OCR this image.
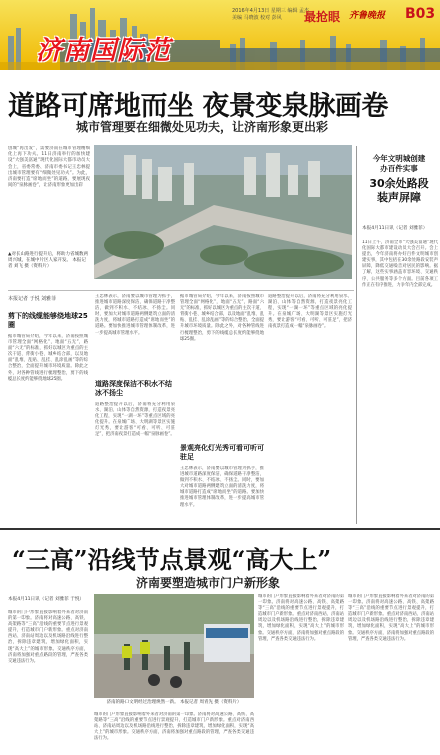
济南国际范
2016年4月13日 星期三 编辑 孟杰 美编 马晓波 校对 彭风	最抢眼 齐鲁晚报 B03
道路可席地而坐 夜景变泉脉画卷
城市管理要在细微处见功夫，让济南形象更出彩
创城“再出发”，需要济南在城市管理精细化上再下功夫。11日济南举行的加快建设“大强美富通”现代化国际大都市动员大会上，省委常委、济南市委书记王忠林提出城市管理要有“细微处见功夫”。为此，济南要打造“席地而坐”的道路，要展现夜间的“泉脉画卷”，让济南形象更加出彩
▲对长山路进行提升后，将助力省城数两周兴城，在城中片区人家开发。 本报记者 刘飞 摄（资料片）
本报记者 于悦 刘雅菲
剪下的线缆能够绕地球25圈
据市城管局介绍，今年以来，济南按照城市管理全面“网格化”，地面“五无”，路面“六无”的标准，抓好以城区为重点的主次干道、背街小巷、城乡结合部，以及地面“乱堆、乱贴、乱挂、乱涂乱画”等的综合整治，全面提升城市环境质量。除此之外，对各种管线进行梳理整治，剪下的线缆总长度约能够绕地球25圈。
王忠林表示，济南要以城市管理为抓手，推进城市道路深度保洁，确保道路干净整洁，做到不积水、不结冰、不扬尘。同时，要加大对城市道路两侧建筑立面的清洗力度，将城市道路打造成“席地而坐”的道路。要加快推进城市管理体制改革，进一步提高城市管理水平。
道路深度保洁不积水不结冰不扬尘
道路整治提升以后，济南将充分利用泉水、湖泊、山体等自然资源，打造夜景亮化工程，实现“一湖一环”等重点区域的亮化提升。在泉城广场、大明湖等景区实施灯光秀，要让游客“可看、可听、可驻足”，把济南夜景打造成一幅“泉脉画卷”。
据市城管局介绍，今年以来，济南按照城市管理全面“网格化”，地面“五无”，路面“六无”的标准，抓好以城区为重点的主次干道、背街小巷、城乡结合部，以及地面“乱堆、乱贴、乱挂、乱涂乱画”等的综合整治，全面提升城市环境质量。除此之外，对各种管线进行梳理整治，剪下的线缆总长度约能够绕地球25圈。
景观亮化灯光秀可看可听可驻足
王忠林表示，济南要以城市管理为抓手，推进城市道路深度保洁，确保道路干净整洁，做到不积水、不结冰、不扬尘。同时，要加大对城市道路两侧建筑立面的清洗力度，将城市道路打造成“席地而坐”的道路。要加快推进城市管理体制改革，进一步提高城市管理水平。
道路整治提升以后，济南将充分利用泉水、湖泊、山体等自然资源，打造夜景亮化工程，实现“一湖一环”等重点区域的亮化提升。在泉城广场、大明湖等景区实施灯光秀，要让游客“可看、可听、可驻足”，把济南夜景打造成一幅“泉脉画卷”。
今年文明城创建
办百件实事
30余处路段
装声屏障
本报4月11日讯（记者 刘雅菲）
11日上午，济南全市“大强美富通”现代化国际大都市建设动员大会召开。会上提出，今年济南将办好百件文明城市创建实事，其中包括在30余处路段安装声屏障，降低交通噪音对居民的影响。据了解，这些实事涵盖市容环境、交通秩序、公共服务等多个方面。目前各项工作正在有序推进，力争年内全部完成。
“三高”沿线节点景观“高大上”
济南要塑造城市门户新形象
本报4月11日讯（记者 刘雅菲 于悦）
城市的门户形象直接影响着外来者对济南的第一印象。济南将对高速公路、高铁、高架路等“三高”沿线的重要节点进行景观提升，打造城市门户新形象。重点对济南西站、济南站周边以及机场路沿线进行整治，拆除违章建筑，增加绿化面积，实现“高大上”的城市形象。交通秩序方面，济南将加强对重点路段的管理，严查各类交通违法行为。
济南的路口文明经过治理焕然一新。 本报记者 周青先 摄（资料片）
城市的门户形象直接影响着外来者对济南的第一印象。济南将对高速公路、高铁、高架路等“三高”沿线的重要节点进行景观提升，打造城市门户新形象。重点对济南西站、济南站周边以及机场路沿线进行整治，拆除违章建筑，增加绿化面积，实现“高大上”的城市形象。交通秩序方面，济南将加强对重点路段的管理，严查各类交通违法行为。
城市的门户形象直接影响着外来者对济南的第一印象。济南将对高速公路、高铁、高架路等“三高”沿线的重要节点进行景观提升，打造城市门户新形象。重点对济南西站、济南站周边以及机场路沿线进行整治，拆除违章建筑，增加绿化面积，实现“高大上”的城市形象。交通秩序方面，济南将加强对重点路段的管理，严查各类交通违法行为。
城市的门户形象直接影响着外来者对济南的第一印象。济南将对高速公路、高铁、高架路等“三高”沿线的重要节点进行景观提升，打造城市门户新形象。重点对济南西站、济南站周边以及机场路沿线进行整治，拆除违章建筑，增加绿化面积，实现“高大上”的城市形象。交通秩序方面，济南将加强对重点路段的管理，严查各类交通违法行为。
